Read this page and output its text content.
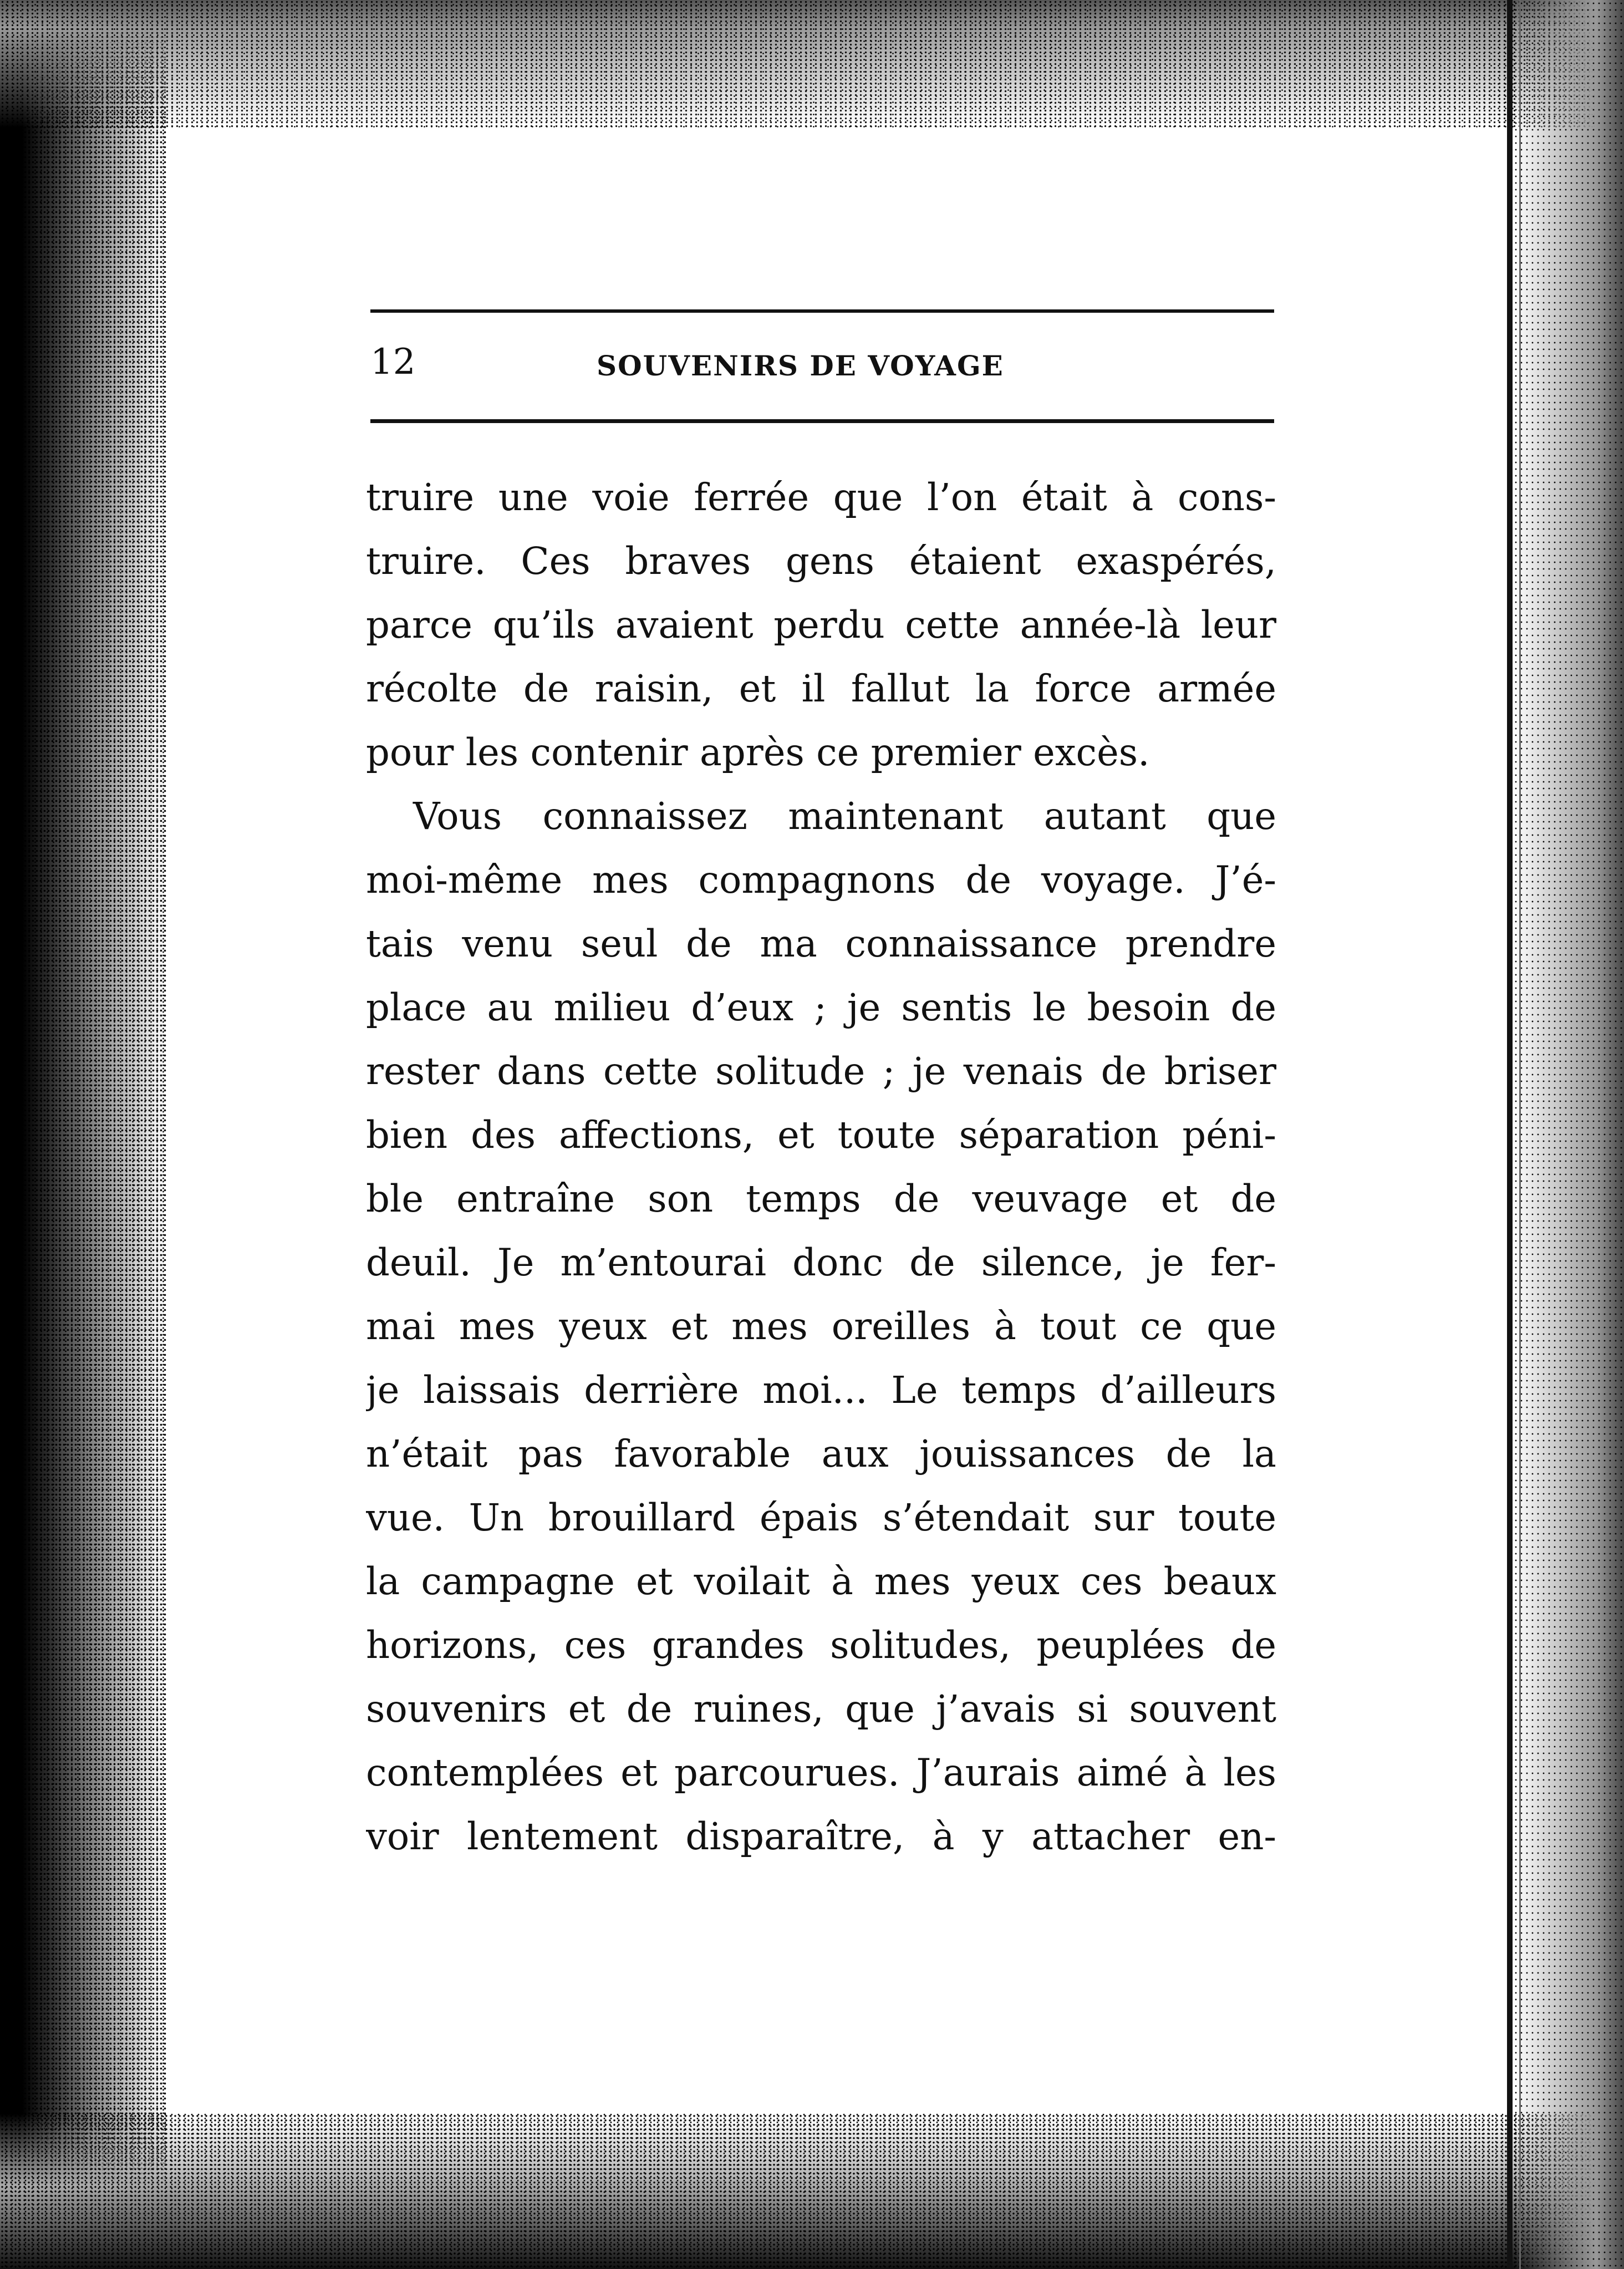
12	SOUVENIRS DE VOYAGE
truire une voie ferrée que l’on était à cons-
truire. Ces braves gens étaient exaspérés,
parce qu’ils avaient perdu cette année-là leur
récolte de raisin, et il fallut la force armée
pour les contenir après ce premier excès.
Vous connaissez maintenant autant que
moi-même mes compagnons de voyage. J’é-
tais venu seul de ma connaissance prendre
place au milieu d’eux ; je sentis le besoin de
rester dans cette solitude ; je venais de briser
bien des affections, et toute séparation péni-
ble entraîne son temps de veuvage et de
deuil. Je m’entourai donc de silence, je fer-
mai mes yeux et mes oreilles à tout ce que
je laissais derrière moi... Le temps d’ailleurs
n’était pas favorable aux jouissances de la
vue. Un brouillard épais s’étendait sur toute
la campagne et voilait à mes yeux ces beaux
horizons, ces grandes solitudes, peuplées de
souvenirs et de ruines, que j’avais si souvent
contemplées et parcourues. J’aurais aimé à les
voir lentement disparaître, à y attacher en-
